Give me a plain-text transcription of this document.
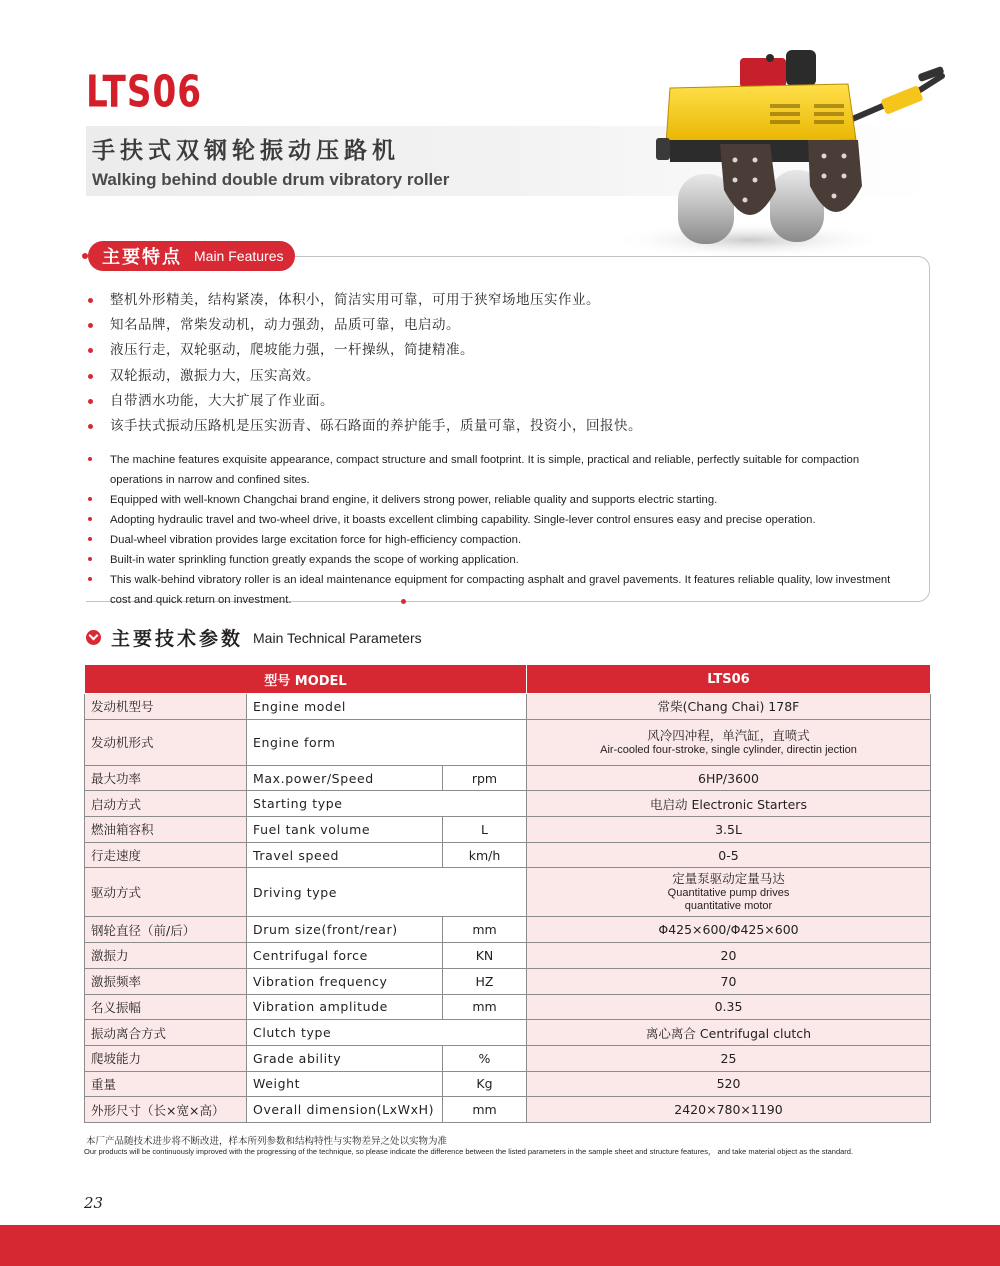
LTS06
手扶式双钢轮振动压路机
Walking behind double drum vibratory roller
主要特点 Main Features
整机外形精美，结构紧凑，体积小，简洁实用可靠，可用于狭窄场地压实作业。
知名品牌，常柴发动机，动力强劲，品质可靠，电启动。
液压行走，双轮驱动，爬坡能力强，一杆操纵，简捷精准。
双轮振动，激振力大，压实高效。
自带洒水功能，大大扩展了作业面。
该手扶式振动压路机是压实沥青、砾石路面的养护能手，质量可靠，投资小，回报快。
The machine features exquisite appearance, compact structure and small footprint. It is simple, practical and reliable, perfectly suitable for compaction operations in narrow and confined sites.
Equipped with well-known Changchai brand engine, it delivers strong power, reliable quality and supports electric starting.
Adopting hydraulic travel and two-wheel drive, it boasts excellent climbing capability. Single-lever control ensures easy and precise operation.
Dual-wheel vibration provides large excitation force for high-efficiency compaction.
Built-in water sprinkling function greatly expands the scope of working application.
This walk-behind vibratory roller is an ideal maintenance equipment for compacting asphalt and gravel pavements. It features reliable quality, low investment cost and quick return on investment.
主要技术参数 Main Technical Parameters
型号 MODEL			LTS06
发动机型号	Engine model		常柴(Chang Chai) 178F
发动机形式	Engine form		风冷四冲程，单汽缸，直喷式
Air-cooled four-stroke, single cylinder, directin jection

最大功率	Max.power/Speed	rpm	6HP/3600
启动方式	Starting type		电启动 Electronic Starters
燃油箱容积	Fuel tank volume	L	3.5L
行走速度	Travel speed	km/h	0-5
驱动方式	Driving type		定量泵驱动定量马达
Quantitative pump drives
quantitative motor

钢轮直径（前/后）	Drum size(front/rear)	mm	Φ425×600/Φ425×600
激振力	Centrifugal force	KN	20
激振频率	Vibration frequency	HZ	70
名义振幅	Vibration amplitude	mm	0.35
振动离合方式	Clutch type		离心离合 Centrifugal clutch
爬坡能力	Grade ability	%	25
重量	Weight	Kg	520
外形尺寸（长×宽×高）	Overall dimension(LxWxH)	mm	2420×780×1190
本厂产品随技术进步将不断改进，样本所列参数和结构特性与实物差异之处以实物为准
Our products will be continuously improved with the progressing of the technique, so please indicate the difference between the listed parameters in the sample sheet and structure features， and take material object as the standard.
23
